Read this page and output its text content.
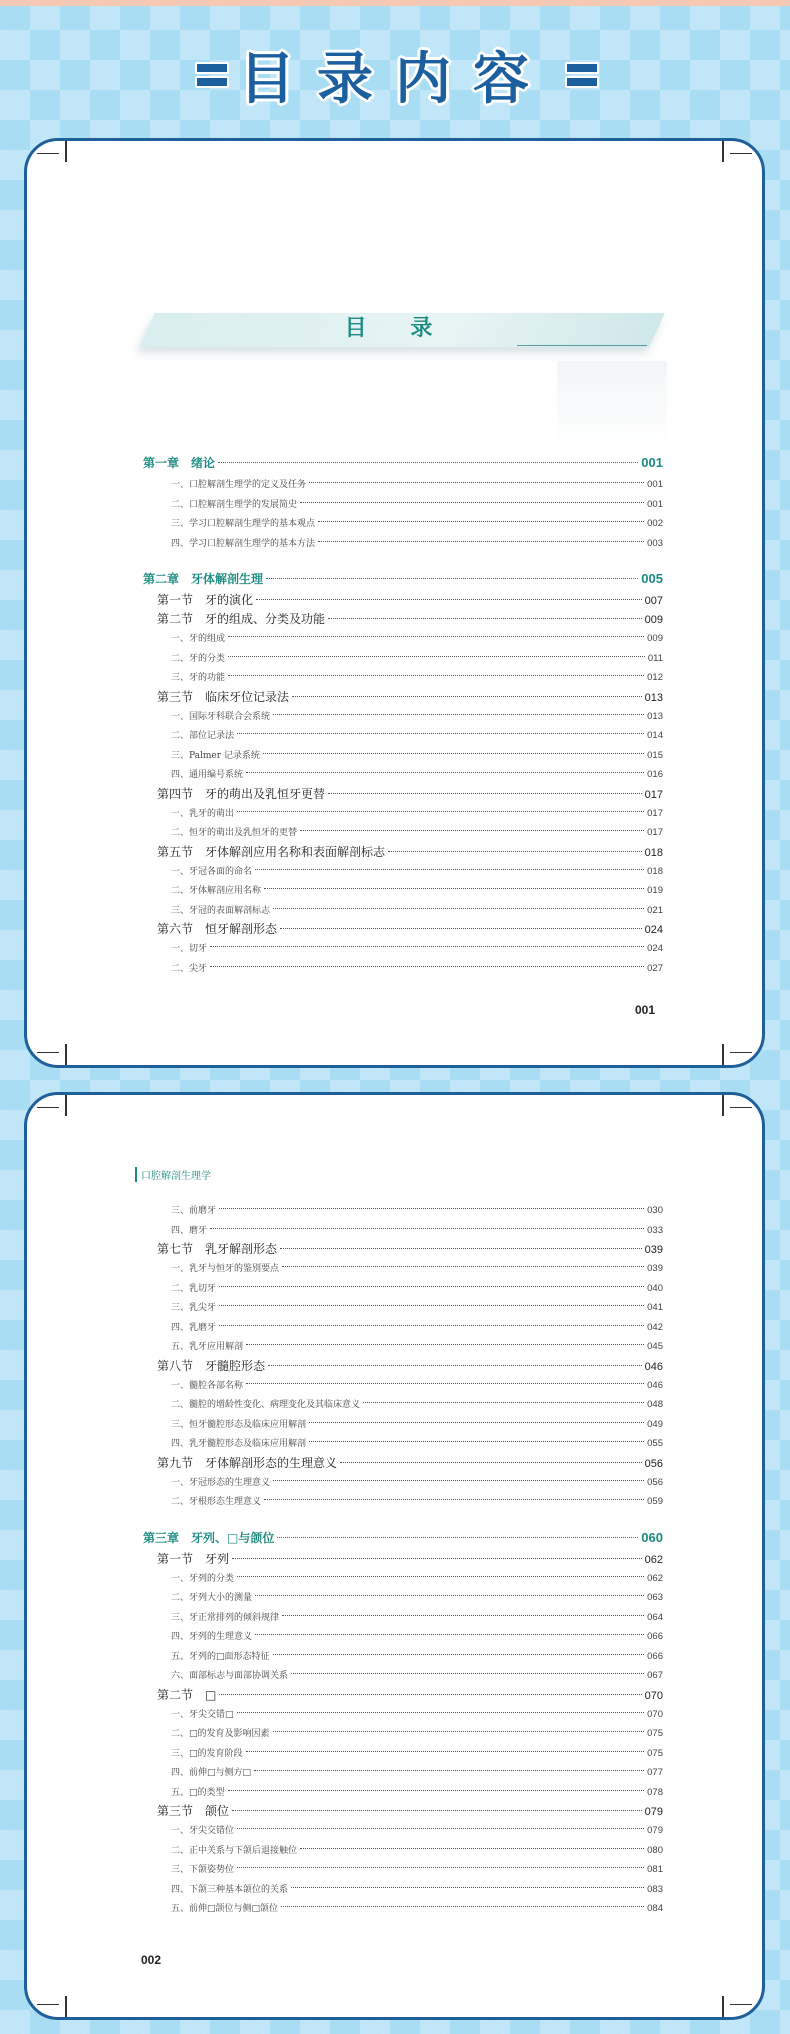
目录内容
目 录
第一章　绪论	001
一、口腔解剖生理学的定义及任务	001
二、口腔解剖生理学的发展简史	001
三、学习口腔解剖生理学的基本观点	002
四、学习口腔解剖生理学的基本方法	003
第二章　牙体解剖生理	005
第一节　牙的演化	007
第二节　牙的组成、分类及功能	009
一、牙的组成	009
二、牙的分类	011
三、牙的功能	012
第三节　临床牙位记录法	013
一、国际牙科联合会系统	013
二、部位记录法	014
三、Palmer 记录系统	015
四、通用编号系统	016
第四节　牙的萌出及乳恒牙更替	017
一、乳牙的萌出	017
二、恒牙的萌出及乳恒牙的更替	017
第五节　牙体解剖应用名称和表面解剖标志	018
一、牙冠各面的命名	018
二、牙体解剖应用名称	019
三、牙冠的表面解剖标志	021
第六节　恒牙解剖形态	024
一、切牙	024
二、尖牙	027
001
口腔解剖生理学
三、前磨牙	030
四、磨牙	033
第七节　乳牙解剖形态	039
一、乳牙与恒牙的鉴别要点	039
二、乳切牙	040
三、乳尖牙	041
四、乳磨牙	042
五、乳牙应用解剖	045
第八节　牙髓腔形态	046
一、髓腔各部名称	046
二、髓腔的增龄性变化、病理变化及其临床意义	048
三、恒牙髓腔形态及临床应用解剖	049
四、乳牙髓腔形态及临床应用解剖	055
第九节　牙体解剖形态的生理意义	056
一、牙冠形态的生理意义	056
二、牙根形态生理意义	059
第三章　牙列、□与颌位	060
第一节　牙列	062
一、牙列的分类	062
二、牙列大小的测量	063
三、牙正常排列的倾斜规律	064
四、牙列的生理意义	066
五、牙列的□面形态特征	066
六、面部标志与面部协调关系	067
第二节　□	070
一、牙尖交错□	070
二、□的发育及影响因素	075
三、□的发育阶段	075
四、前伸□与侧方□	077
五、□的类型	078
第三节　颌位	079
一、牙尖交错位	079
二、正中关系与下颌后退接触位	080
三、下颌姿势位	081
四、下颌三种基本颌位的关系	083
五、前伸□颌位与侧□颌位	084
002
